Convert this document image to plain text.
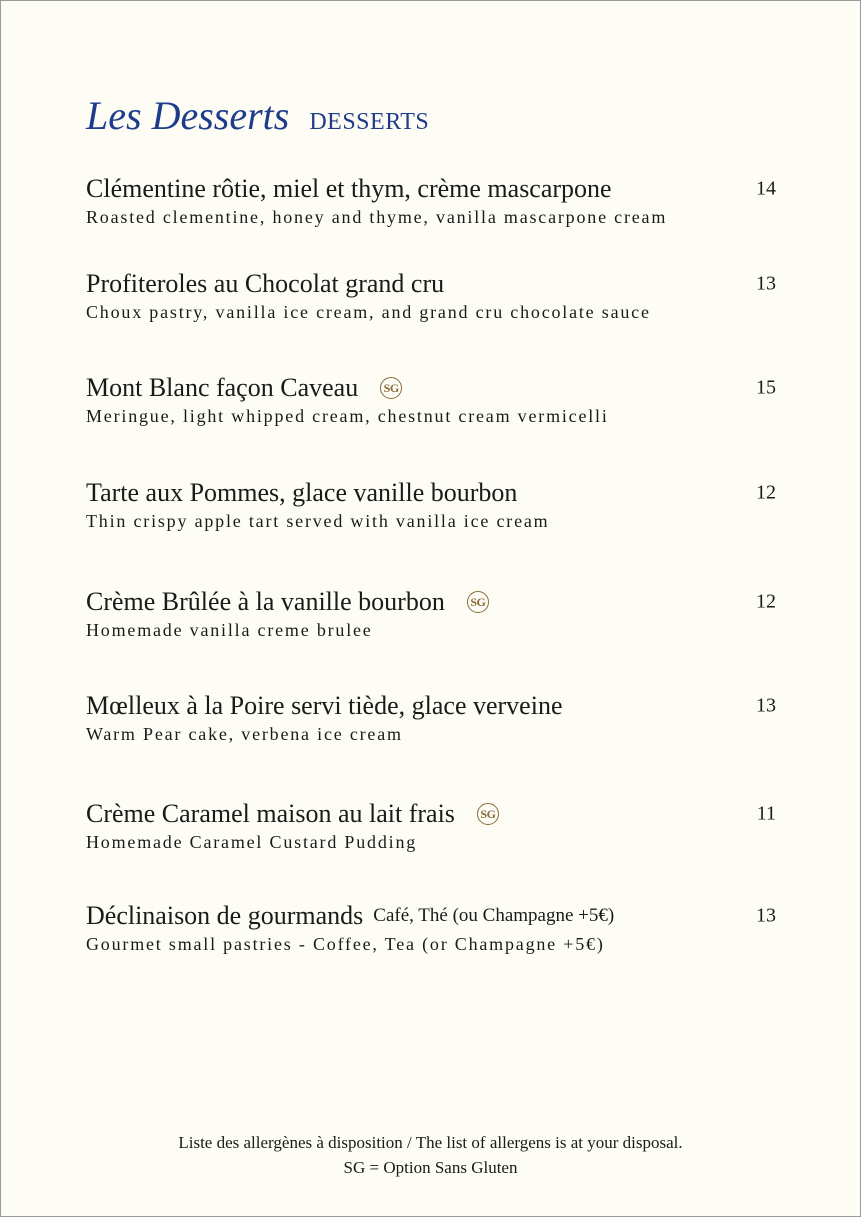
Les Desserts DESSERTS
Clémentine rôtie, miel et thym, crème mascarpone	14
Roasted clementine, honey and thyme, vanilla mascarpone cream
Profiteroles au Chocolat grand cru	13
Choux pastry, vanilla ice cream, and grand cru chocolate sauce
Mont Blanc façon Caveau SG	15
Meringue, light whipped cream, chestnut cream vermicelli
Tarte aux Pommes, glace vanille bourbon	12
Thin crispy apple tart served with vanilla ice cream
Crème Brûlée à la vanille bourbon SG	12
Homemade vanilla creme brulee
Mœlleux à la Poire servi tiède, glace verveine	13
Warm Pear cake, verbena ice cream
Crème Caramel maison au lait frais SG	11
Homemade Caramel Custard Pudding
Déclinaison de gourmands Café, Thé (ou Champagne +5€)	13
Gourmet small pastries - Coffee, Tea (or Champagne +5€)
Liste des allergènes à disposition / The list of allergens is at your disposal.
SG = Option Sans Gluten
